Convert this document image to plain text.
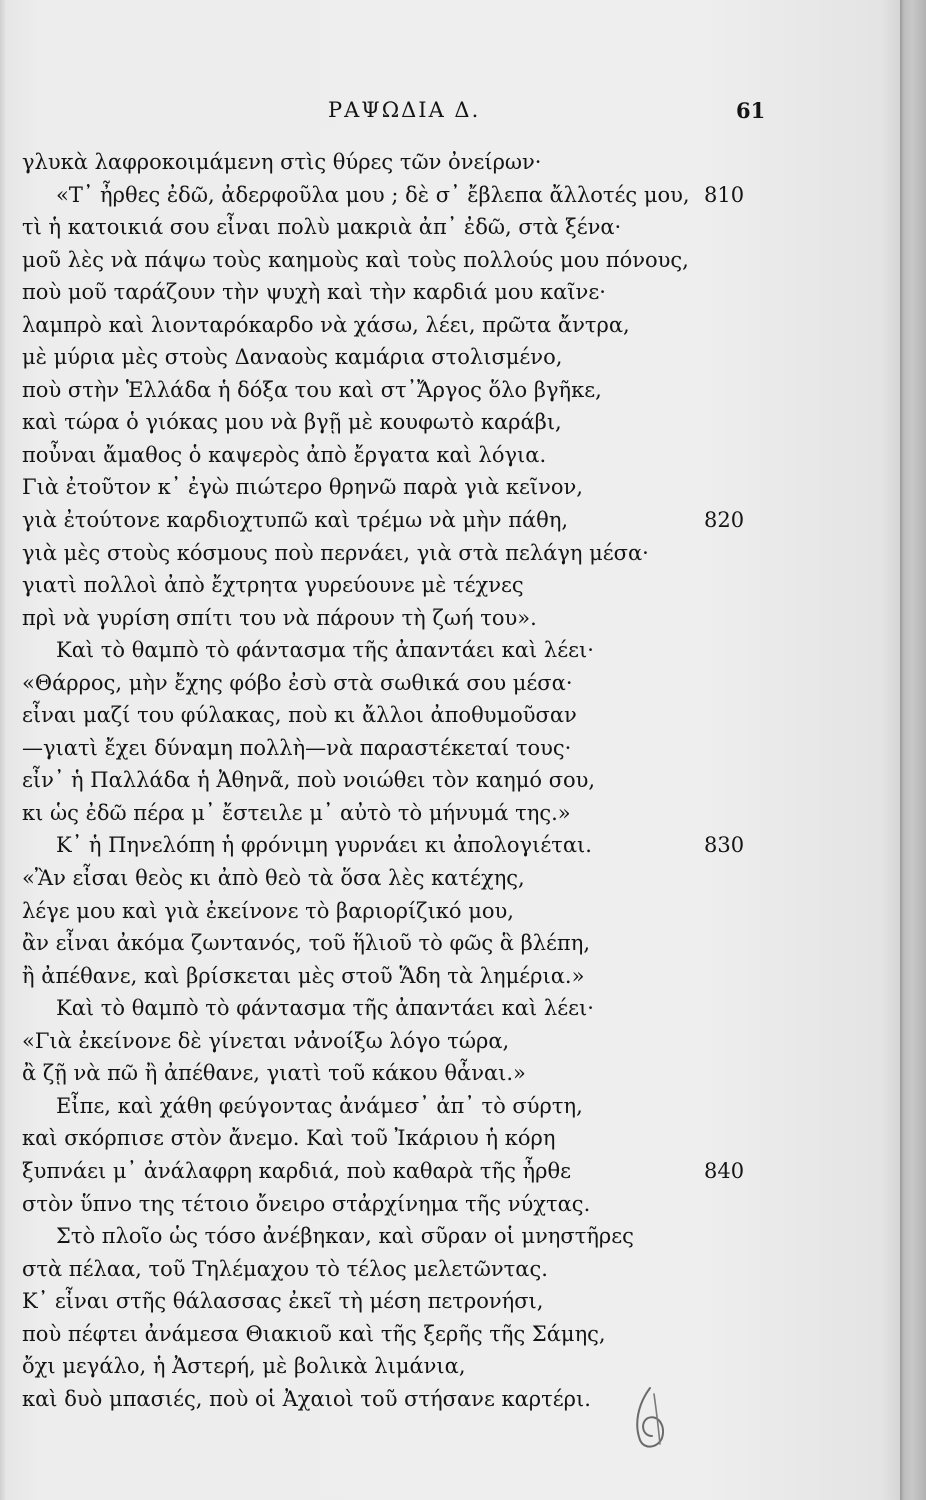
ΡΑΨΩΔΙΑ Δ.	61
γλυκὰ λαφροκοιμάμενη στὶς θύρες τῶν ὀνείρων·
«Τ᾽ ἦρθες ἐδῶ, ἀδερφοῦλα μου ; δὲ σ᾽ ἔβλεπα ἄλλοτές μου, 810
τὶ ἡ κατοικιά σου εἶναι πολὺ μακριὰ ἀπ᾽ ἐδῶ, στὰ ξένα·
μοῦ λὲς νὰ πάψω τοὺς καημοὺς καὶ τοὺς πολλούς μου πόνους,
ποὺ μοῦ ταράζουν τὴν ψυχὴ καὶ τὴν καρδιά μου καῖνε·
λαμπρὸ καὶ λιονταρόκαρδο νὰ χάσω, λέει, πρῶτα ἄντρα,
μὲ μύρια μὲς στοὺς Δαναοὺς καμάρια στολισμένο,
ποὺ στὴν Ἑλλάδα ἡ δόξα του καὶ στ᾽Ἄργος ὅλο βγῆκε,
καὶ τώρα ὁ γιόκας μου νὰ βγῇ μὲ κουφωτὸ καράβι,
ποὖναι ἄμαθος ὁ καψερὸς ἀπὸ ἔργατα καὶ λόγια.
Γιὰ ἐτοῦτον κ᾽ ἐγὼ πιώτερο θρηνῶ παρὰ γιὰ κεῖνον,
γιὰ ἐτούτονε καρδιοχτυπῶ καὶ τρέμω νὰ μὴν πάθη,	820
γιὰ μὲς στοὺς κόσμους ποὺ περνάει, γιὰ στὰ πελάγη μέσα·
γιατὶ πολλοὶ ἀπὸ ἔχτρητα γυρεύουνε μὲ τέχνες
πρὶ νὰ γυρίση σπίτι του νὰ πάρουν τὴ ζωή του».
Καὶ τὸ θαμπὸ τὸ φάντασμα τῆς ἀπαντάει καὶ λέει·
«Θάρρος, μὴν ἔχης φόβο ἐσὺ στὰ σωθικά σου μέσα·
εἶναι μαζί του φύλακας, ποὺ κι ἄλλοι ἀποθυμοῦσαν
—γιατὶ ἔχει δύναμη πολλὴ—νὰ παραστέκεταί τους·
εἶν᾽ ἡ Παλλάδα ἡ Ἀθηνᾶ, ποὺ νοιώθει τὸν καημό σου,
κι ὡς ἐδῶ πέρα μ᾽ ἔστειλε μ᾽ αὐτὸ τὸ μήνυμά της.»
Κ᾽ ἡ Πηνελόπη ἡ φρόνιμη γυρνάει κι ἀπολογιέται.	830
«Ἂν εἶσαι θεὸς κι ἀπὸ θεὸ τὰ ὅσα λὲς κατέχης,
λέγε μου καὶ γιὰ ἐκείνονε τὸ βαριορίζικό μου,
ἂν εἶναι ἀκόμα ζωντανός, τοῦ ἥλιοῦ τὸ φῶς ἃ βλέπη,
ἢ ἀπέθανε, καὶ βρίσκεται μὲς στοῦ Ἅδη τὰ λημέρια.»
Καὶ τὸ θαμπὸ τὸ φάντασμα τῆς ἀπαντάει καὶ λέει·
«Γιὰ ἐκείνονε δὲ γίνεται νἀνοίξω λόγο τώρα,
ἂ ζῇ νὰ πῶ ἢ ἀπέθανε, γιατὶ τοῦ κάκου θἆναι.»
Εἶπε, καὶ χάθη φεύγοντας ἀνάμεσ᾽ ἀπ᾽ τὸ σύρτη,
καὶ σκόρπισε στὸν ἄνεμο. Καὶ τοῦ Ἰκάριου ἡ κόρη
ξυπνάει μ᾽ ἀνάλαφρη καρδιά, ποὺ καθαρὰ τῆς ἦρθε	840
στὸν ὕπνο της τέτοιο ὄνειρο στἀρχίνημα τῆς νύχτας.
Στὸ πλοῖο ὡς τόσο ἀνέβηκαν, καὶ σῦραν οἱ μνηστῆρες
στὰ πέλαα, τοῦ Τηλέμαχου τὸ τέλος μελετῶντας.
Κ᾽ εἶναι στῆς θάλασσας ἐκεῖ τὴ μέση πετρονήσι,
ποὺ πέφτει ἀνάμεσα Θιακιοῦ καὶ τῆς ξερῆς τῆς Σάμης,
ὄχι μεγάλο, ἡ Ἀστερή, μὲ βολικὰ λιμάνια,
καὶ δυὸ μπασιές, ποὺ οἱ Ἀχαιοὶ τοῦ στήσανε καρτέρι.
